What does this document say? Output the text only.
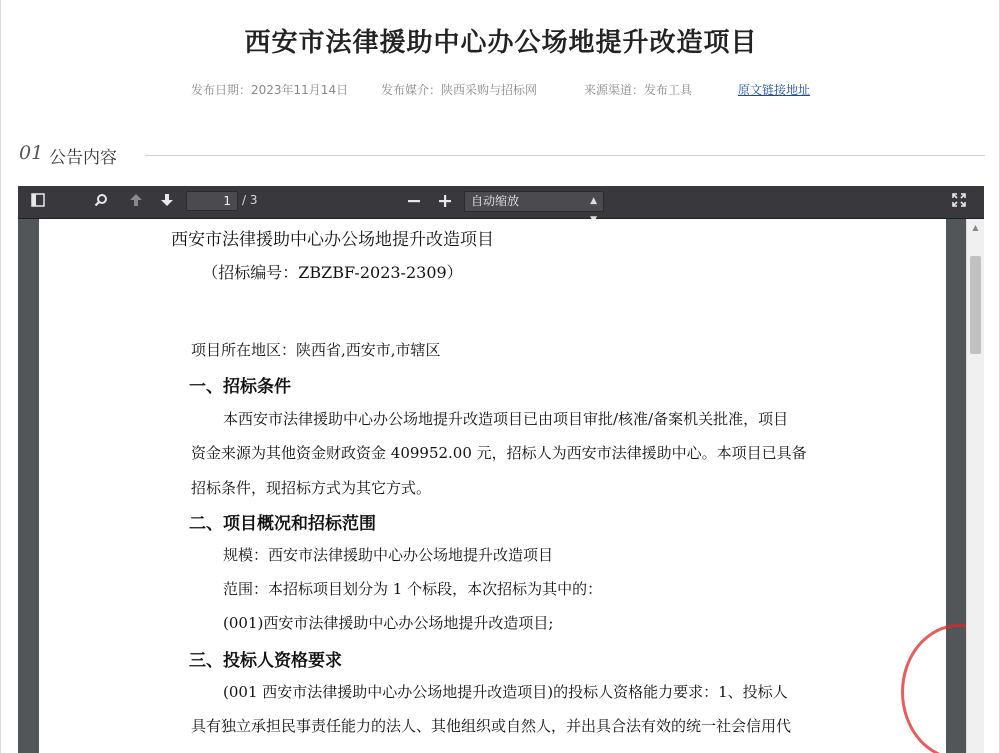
西安市法律援助中心办公场地提升改造项目
发布日期：2023年11月14日	发布媒介：陕西采购与招标网	来源渠道：发布工具	原文链接地址
01 公告内容
1 / 3	自动缩放	▲

西安市法律援助中心办公场地提升改造项目
（招标编号：ZBZBF-2023-2309）
项目所在地区：陕西省,西安市,市辖区
一、招标条件
本西安市法律援助中心办公场地提升改造项目已由项目审批/核准/备案机关批准，项目
资金来源为其他资金财政资金 409952.00 元，招标人为西安市法律援助中心。本项目已具备
招标条件，现招标方式为其它方式。
二、项目概况和招标范围
规模：西安市法律援助中心办公场地提升改造项目
范围：本招标项目划分为 1 个标段，本次招标为其中的：
(001)西安市法律援助中心办公场地提升改造项目;
三、投标人资格要求
(001 西安市法律援助中心办公场地提升改造项目)的投标人资格能力要求：1、投标人
具有独立承担民事责任能力的法人、其他组织或自然人，并出具合法有效的统一社会信用代
▲
